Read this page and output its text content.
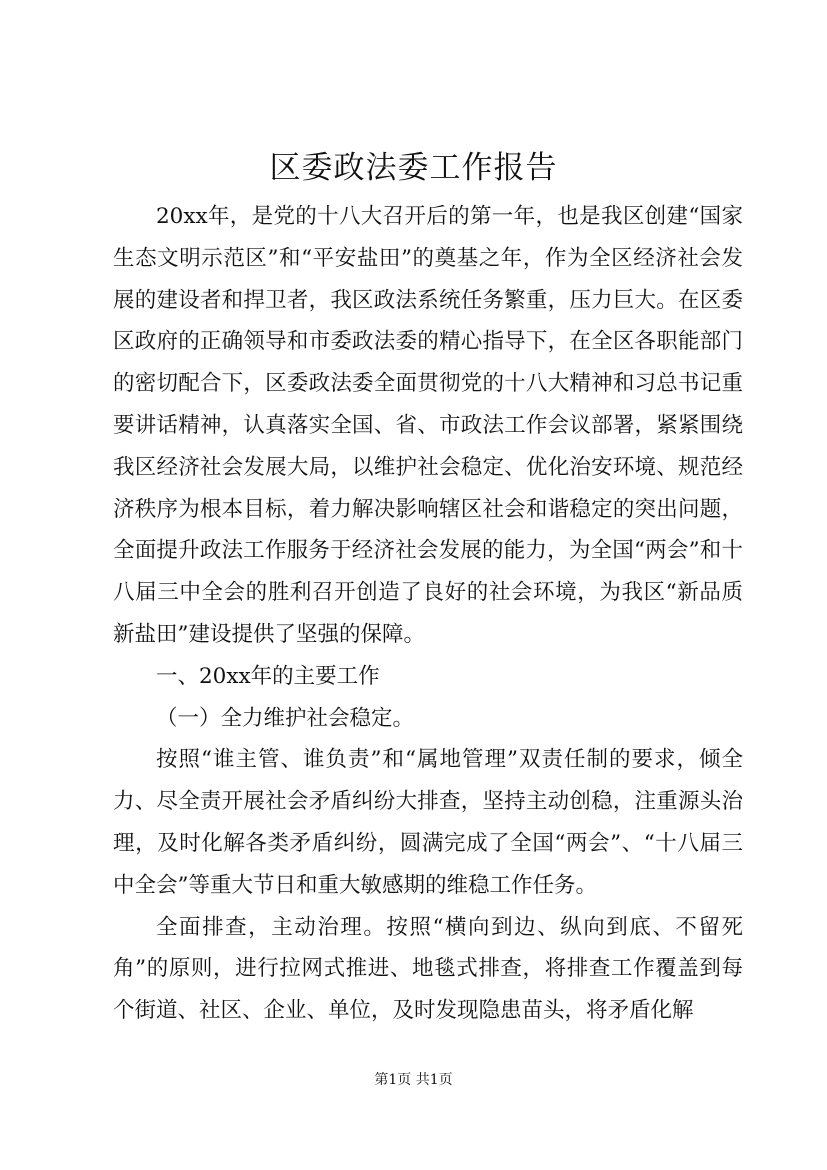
区委政法委工作报告

20xx年，是党的十八大召开后的第一年，也是我区创建“国家生态文明示范区”和“平安盐田”的奠基之年，作为全区经济社会发展的建设者和捍卫者，我区政法系统任务繁重，压力巨大。在区委区政府的正确领导和市委政法委的精心指导下，在全区各职能部门的密切配合下，区委政法委全面贯彻党的十八大精神和习总书记重要讲话精神，认真落实全国、省、市政法工作会议部署，紧紧围绕我区经济社会发展大局，以维护社会稳定、优化治安环境、规范经济秩序为根本目标，着力解决影响辖区社会和谐稳定的突出问题，全面提升政法工作服务于经济社会发展的能力，为全国“两会”和十八届三中全会的胜利召开创造了良好的社会环境，为我区“新品质新盐田”建设提供了坚强的保障。

一、20xx年的主要工作

（一）全力维护社会稳定。

按照“谁主管、谁负责”和“属地管理”双责任制的要求，倾全力、尽全责开展社会矛盾纠纷大排查，坚持主动创稳，注重源头治理，及时化解各类矛盾纠纷，圆满完成了全国“两会”、“十八届三中全会”等重大节日和重大敏感期的维稳工作任务。

全面排查，主动治理。按照“横向到边、纵向到底、不留死角”的原则，进行拉网式推进、地毯式排查，将排查工作覆盖到每个街道、社区、企业、单位，及时发现隐患苗头，将矛盾化解

第1页 共1页
